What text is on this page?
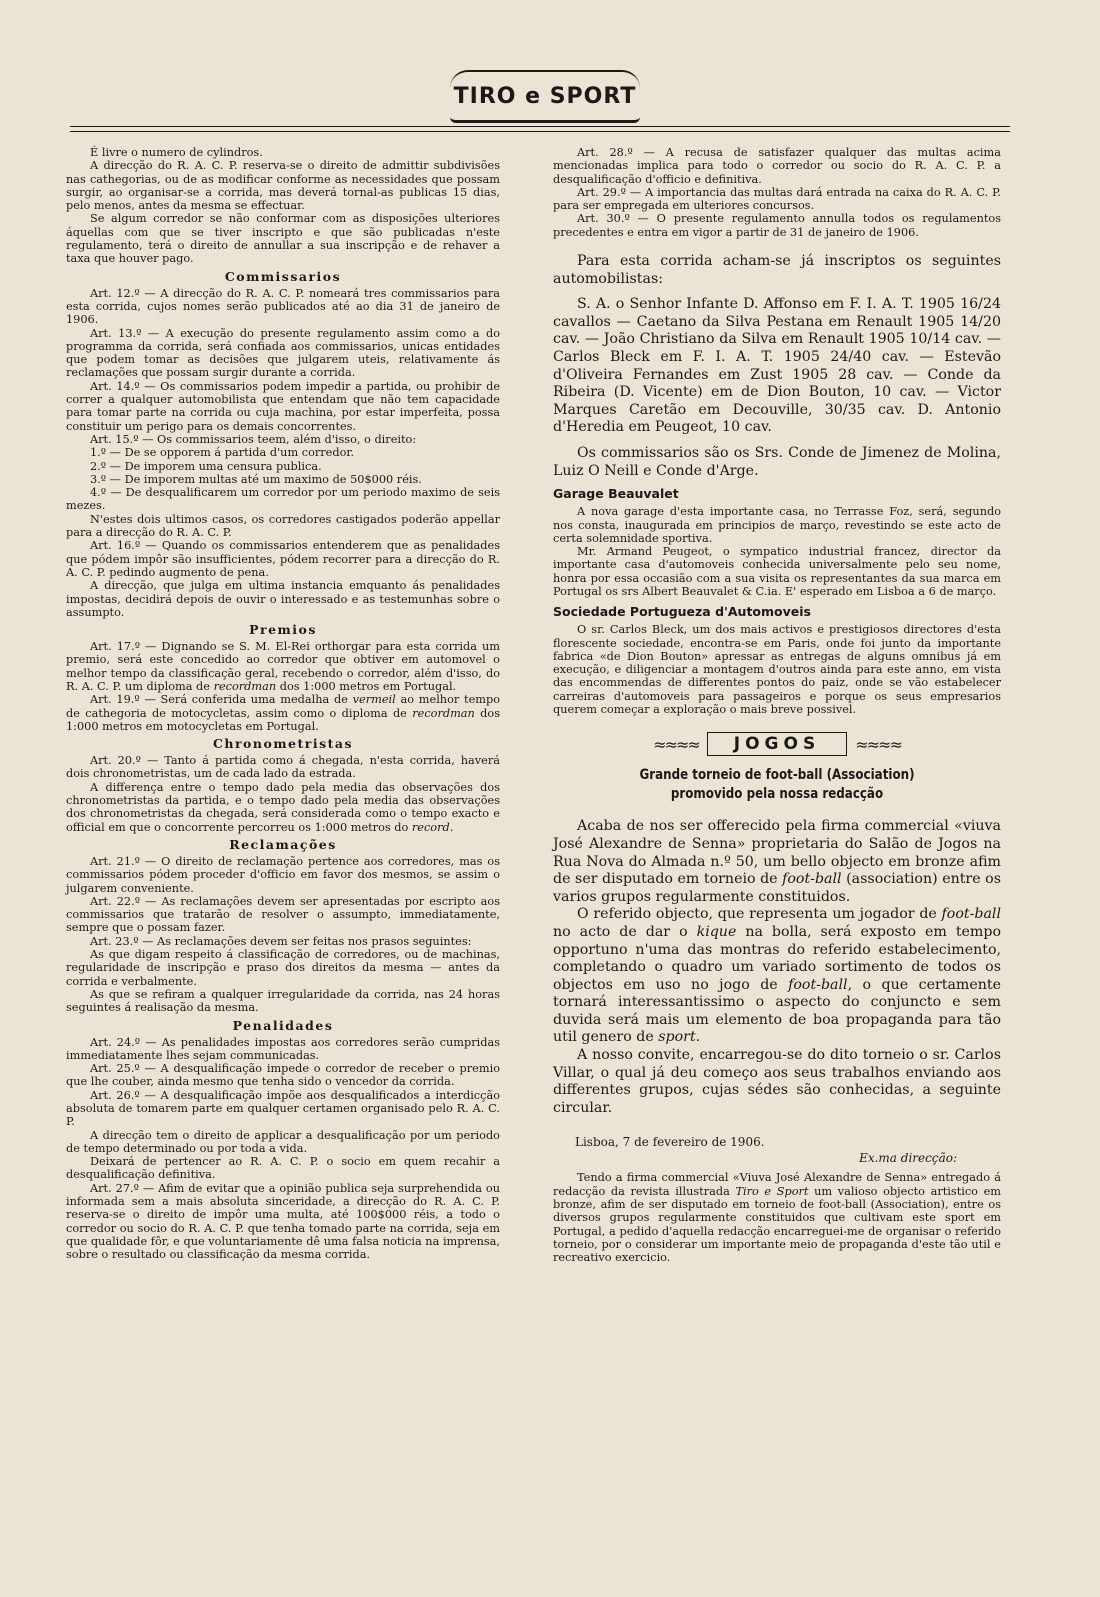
TIRO e SPORT

É livre o numero de cylindros.

A direcção do R. A. C. P. reserva-se o direito de admittir subdivisões nas cathegorias, ou de as modificar conforme as necessidades que possam surgir, ao organisar-se a corrida, mas deverá tornal-as publicas 15 dias, pelo menos, antes da mesma se effectuar.

Se algum corredor se não conformar com as disposições ulteriores áquellas com que se tiver inscripto e que são publicadas n'este regulamento, terá o direito de annullar a sua inscripção e de rehaver a taxa que houver pago.

Commissarios

Art. 12.º — A direcção do R. A. C. P. nomeará tres commissarios para esta corrida, cujos nomes serão publicados até ao dia 31 de janeiro de 1906.

Art. 13.º — A execução do presente regulamento assim como a do programma da corrida, será confiada aos commissarios, unicas entidades que podem tomar as decisões que julgarem uteis, relativamente ás reclamações que possam surgir durante a corrida.

Art. 14.º — Os commissarios podem impedir a partida, ou prohibir de correr a qualquer automobilista que entendam que não tem capacidade para tomar parte na corrida ou cuja machina, por estar imperfeita, possa constituir um perigo para os demais concorrentes.

Art. 15.º — Os commissarios teem, além d'isso, o direito:

1.º — De se opporem á partida d'um corredor.

2.º — De imporem uma censura publica.

3.º — De imporem multas até um maximo de 50$000 réis.

4.º — De desqualificarem um corredor por um periodo maximo de seis mezes.

N'estes dois ultimos casos, os corredores castigados poderão appellar para a direcção do R. A. C. P.

Art. 16.º — Quando os commissarios entenderem que as penalidades que pódem impôr são insufficientes, pódem recorrer para a direcção do R. A. C. P. pedindo augmento de pena.

A direcção, que julga em ultima instancia emquanto ás penalidades impostas, decidirá depois de ouvir o interessado e as testemunhas sobre o assumpto.

Premios

Art. 17.º — Dignando se S. M. El-Rei orthorgar para esta corrida um premio, será este concedido ao corredor que obtiver em automovel o melhor tempo da classificação geral, recebendo o corredor, além d'isso, do R. A. C. P. um diploma de recordman dos 1:000 metros em Portugal.

Art. 19.º — Será conferida uma medalha de vermeil ao melhor tempo de cathegoria de motocycletas, assim como o diploma de recordman dos 1:000 metros em motocycletas em Portugal.

Chronometristas

Art. 20.º — Tanto á partida como á chegada, n'esta corrida, haverá dois chronometristas, um de cada lado da estrada.

A differença entre o tempo dado pela media das observações dos chronometristas da partida, e o tempo dado pela media das observações dos chronometristas da chegada, será considerada como o tempo exacto e official em que o concorrente percorreu os 1:000 metros do record.

Reclamações

Art. 21.º — O direito de reclamação pertence aos corredores, mas os commissarios pódem proceder d'officio em favor dos mesmos, se assim o julgarem conveniente.

Art. 22.º — As reclamações devem ser apresentadas por escripto aos commissarios que tratarão de resolver o assumpto, immediatamente, sempre que o possam fazer.

Art. 23.º — As reclamações devem ser feitas nos prasos seguintes:

As que digam respeito á classificação de corredores, ou de machinas, regularidade de inscripção e praso dos direitos da mesma — antes da corrida e verbalmente.

As que se refiram a qualquer irregularidade da corrida, nas 24 horas seguintes á realisação da mesma.

Penalidades

Art. 24.º — As penalidades impostas aos corredores serão cumpridas immediatamente lhes sejam communicadas.

Art. 25.º — A desqualificação impede o corredor de receber o premio que lhe couber, ainda mesmo que tenha sido o vencedor da corrida.

Art. 26.º — A desqualificação impõe aos desqualificados a interdicção absoluta de tomarem parte em qualquer certamen organisado pelo R. A. C. P.

A direcção tem o direito de applicar a desqualificação por um periodo de tempo determinado ou por toda a vida.

Deixará de pertencer ao R. A. C. P. o socio em quem recahir a desqualificação definitiva.

Art. 27.º — Afim de evitar que a opinião publica seja surprehendida ou informada sem a mais absoluta sinceridade, a direcção do R. A. C. P. reserva-se o direito de impôr uma multa, até 100$000 réis, a todo o corredor ou socio do R. A. C. P. que tenha tomado parte na corrida, seja em que qualidade fôr, e que voluntariamente dê uma falsa noticia na imprensa, sobre o resultado ou classificação da mesma corrida.

Art. 28.º — A recusa de satisfazer qualquer das multas acima mencionadas implica para todo o corredor ou socio do R. A. C. P. a desqualificação d'officio e definitiva.

Art. 29.º — A importancia das multas dará entrada na caixa do R. A. C. P. para ser empregada em ulteriores concursos.

Art. 30.º — O presente regulamento annulla todos os regulamentos precedentes e entra em vigor a partir de 31 de janeiro de 1906.

Para esta corrida acham-se já inscriptos os seguintes automobilistas:

S. A. o Senhor Infante D. Affonso em F. I. A. T. 1905 16/24 cavallos — Caetano da Silva Pestana em Renault 1905 14/20 cav. — João Christiano da Silva em Renault 1905 10/14 cav. — Carlos Bleck em F. I. A. T. 1905 24/40 cav. — Estevão d'Oliveira Fernandes em Zust 1905 28 cav. — Conde da Ribeira (D. Vicente) em de Dion Bouton, 10 cav. — Victor Marques Caretão em Decouville, 30/35 cav. D. Antonio d'Heredia em Peugeot, 10 cav.

Os commissarios são os Srs. Conde de Jimenez de Molina, Luiz O Neill e Conde d'Arge.

Garage Beauvalet

A nova garage d'esta importante casa, no Terrasse Foz, será, segundo nos consta, inaugurada em principios de março, revestindo se este acto de certa solemnidade sportiva.

Mr. Armand Peugeot, o sympatico industrial francez, director da importante casa d'automoveis conhecida universalmente pelo seu nome, honra por essa occasião com a sua visita os representantes da sua marca em Portugal os srs Albert Beauvalet & C.ia. E' esperado em Lisboa a 6 de março.

Sociedade Portugueza d'Automoveis

O sr. Carlos Bleck, um dos mais activos e prestigiosos directores d'esta florescente sociedade, encontra-se em Paris, onde foi junto da importante fabrica «de Dion Bouton» apressar as entregas de alguns omnibus já em execução, e diligenciar a montagem d'outros ainda para este anno, em vista das encommendas de differentes pontos do paiz, onde se vão estabelecer carreiras d'automoveis para passageiros e porque os seus empresarios querem começar a exploração o mais breve possivel.

≈≈≈≈	JOGOS	≈≈≈≈
Grande torneio de foot-ball (Association)
promovido pela nossa redacção

Acaba de nos ser offerecido pela firma commercial «viuva José Alexandre de Senna» proprietaria do Salão de Jogos na Rua Nova do Almada n.º 50, um bello objecto em bronze afim de ser disputado em torneio de foot-ball (association) entre os varios grupos regularmente constituidos.

O referido objecto, que representa um jogador de foot-ball no acto de dar o kique na bolla, será exposto em tempo opportuno n'uma das montras do referido estabelecimento, completando o quadro um variado sortimento de todos os objectos em uso no jogo de foot-ball, o que certamente tornará interessantissimo o aspecto do conjuncto e sem duvida será mais um elemento de boa propaganda para tão util genero de sport.

A nosso convite, encarregou-se do dito torneio o sr. Carlos Villar, o qual já deu começo aos seus trabalhos enviando aos differentes grupos, cujas sédes são conhecidas, a seguinte circular.

Lisboa, 7 de fevereiro de 1906.
Ex.ma direcção:

Tendo a firma commercial «Viuva José Alexandre de Senna» entregado á redacção da revista illustrada Tiro e Sport um valioso objecto artistico em bronze, afim de ser disputado em torneio de foot-ball (Association), entre os diversos grupos regularmente constituidos que cultivam este sport em Portugal, a pedido d'aquella redacção encarreguei-me de organisar o referido torneio, por o considerar um importante meio de propaganda d'este tão util e recreativo exercicio.
